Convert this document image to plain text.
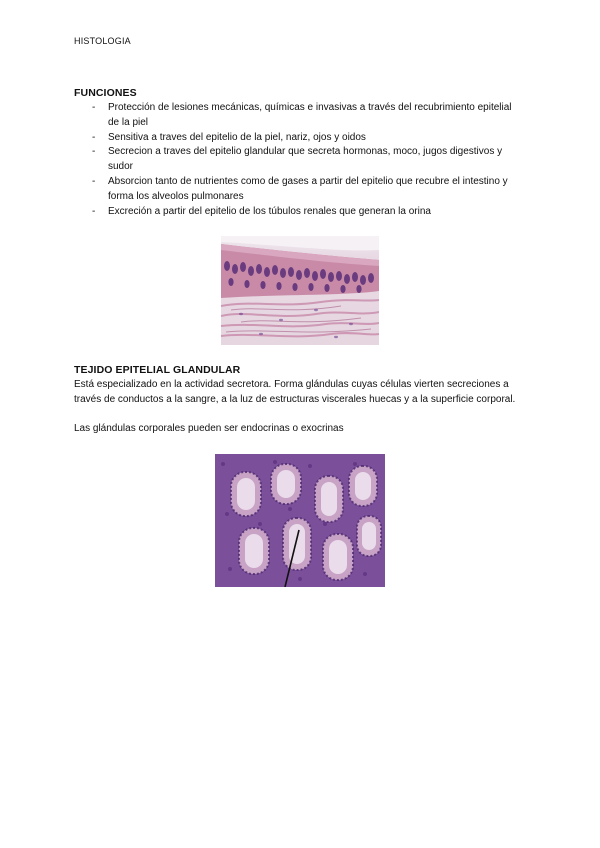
HISTOLOGIA
FUNCIONES
- Protección de lesiones mecánicas, químicas e invasivas a través del recubrimiento epitelial de la piel
- Sensitiva a traves del epitelio de la piel, nariz, ojos y oidos
- Secrecion a traves del epitelio glandular que secreta hormonas, moco, jugos digestivos y sudor
- Absorcion tanto de nutrientes como de gases a partir del epitelio que recubre el intestino y forma los alveolos pulmonares
- Excreción a partir del epitelio de los túbulos renales que generan la orina
TEJIDO EPITELIAL GLANDULAR

Está especializado en la actividad secretora. Forma glándulas cuyas células vierten secreciones a través de conductos a la sangre, a la luz de estructuras viscerales huecas y a la superficie corporal.

Las glándulas corporales pueden ser endocrinas o exocrinas
